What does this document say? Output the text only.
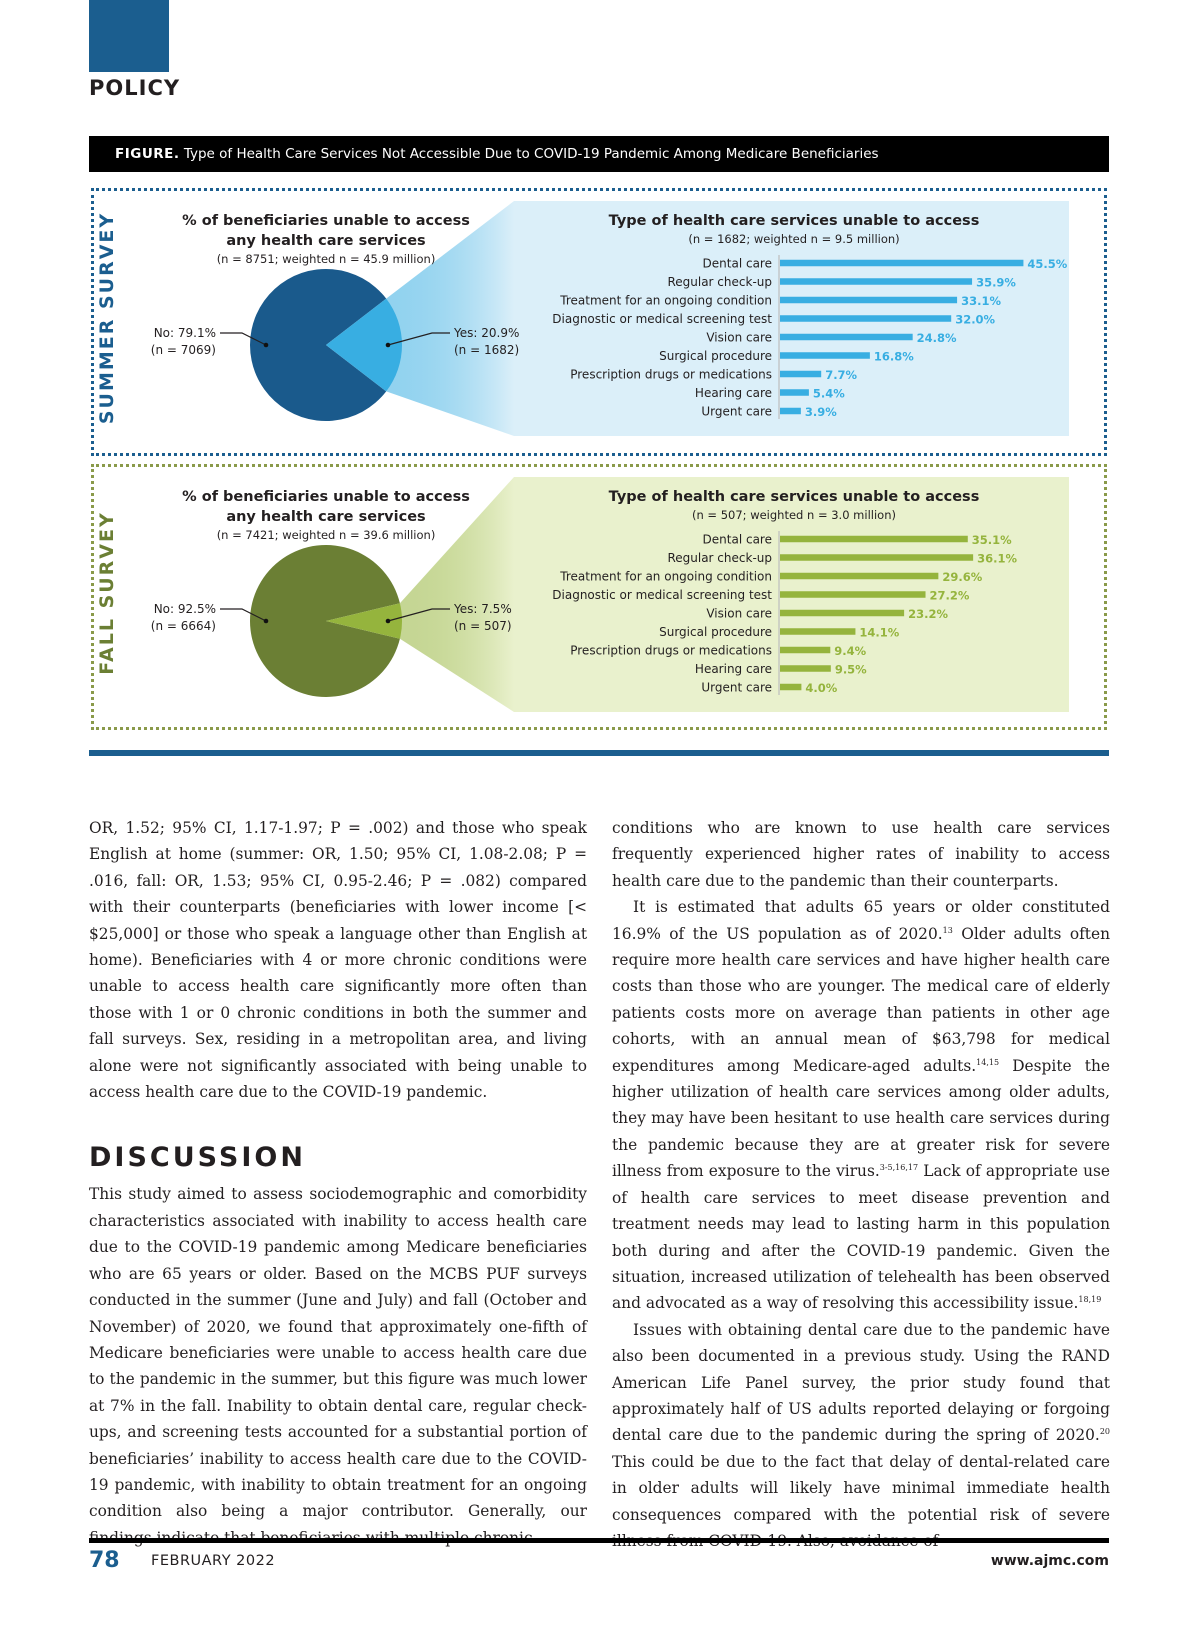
POLICY
FIGURE. Type of Health Care Services Not Accessible Due to COVID-19 Pandemic Among Medicare Beneficiaries
SUMMER SURVEY	% of beneficiaries unable to access
any health care services
(n = 8751; weighted n = 45.9 million)
No: 79.1%
(n = 7069)
Yes: 20.9%
(n = 1682)
Type of health care services unable to access
(n = 1682; weighted n = 9.5 million)
Dental care	45.5%
Regular check-up	35.9%
Treatment for an ongoing condition	33.1%
Diagnostic or medical screening test	32.0%
Vision care	24.8%
Surgical procedure	16.8%
Prescription drugs or medications	7.7%
Hearing care	5.4%
Urgent care	3.9%
FALL SURVEY
% of beneficiaries unable to access
any health care services
(n = 7421; weighted n = 39.6 million)
No: 92.5%
(n = 6664)
Yes: 7.5%
(n = 507)
Type of health care services unable to access
(n = 507; weighted n = 3.0 million)
Dental care	35.1%
Regular check-up	36.1%
Treatment for an ongoing condition	29.6%
Diagnostic or medical screening test	27.2%
Vision care	23.2%
Surgical procedure	14.1%
Prescription drugs or medications	9.4%
Hearing care	9.5%
Urgent care	4.0%

OR, 1.52; 95% CI, 1.17-1.97; P = .002) and those who speak English at home (summer: OR, 1.50; 95% CI, 1.08-2.08; P = .016, fall: OR, 1.53; 95% CI, 0.95-2.46; P = .082) compared with their counterparts (beneficiaries with lower income [< $25,000] or those who speak a language other than English at home). Beneficiaries with 4 or more chronic conditions were unable to access health care significantly more often than those with 1 or 0 chronic conditions in both the summer and fall surveys. Sex, residing in a metropolitan area, and living alone were not significantly associated with being unable to access health care due to the COVID-19 pandemic.

DISCUSSION

This study aimed to assess sociodemographic and comorbidity characteristics associated with inability to access health care due to the COVID-19 pandemic among Medicare beneficiaries who are 65 years or older. Based on the MCBS PUF surveys conducted in the summer (June and July) and fall (October and November) of 2020, we found that approximately one-fifth of Medicare beneficiaries were unable to access health care due to the pandemic in the summer, but this figure was much lower at 7% in the fall. Inability to obtain dental care, regular check-ups, and screening tests accounted for a substantial portion of beneficiaries’ inability to access health care due to the COVID-19 pandemic, with inability to obtain treatment for an ongoing condition also being a major contributor. Generally, our

conditions who are known to use health care services frequently experienced higher rates of inability to access health care due to the pandemic than their counterparts.

It is estimated that adults 65 years or older constituted 16.9% of the US population as of 2020.13 Older adults often require more health care services and have higher health care costs than those who are younger. The medical care of elderly patients costs more on average than patients in other age cohorts, with an annual mean of $63,798 for medical expenditures among Medicare-aged adults.$^{14,15}$ Despite the higher utilization of health care services among older adults, they may have been hesitant to use health care services during the pandemic because they are at greater risk for severe illness from exposure to the virus.$^{3-5,16,17}$ Lack of appropriate use of health care services to meet disease prevention and treatment needs may lead to lasting harm in this population both during and after the COVID-19 pandemic. Given the situation, increased utilization of telehealth has been observed and advocated as a way of resolving this accessibility issue.$^{18,19}$

Issues with obtaining dental care due to the pandemic have also been documented in a previous study. Using the RAND American Life Panel survey, the prior study found that approximately half of US adults reported delaying or forgoing dental care due to the pandemic during the spring of 2020.20 This could be due to the fact that delay of dental-related care in older adults will likely have minimal immediate health consequences compared with the potential risk of severe

78 FEBRUARY 2022	www.ajmc.com
